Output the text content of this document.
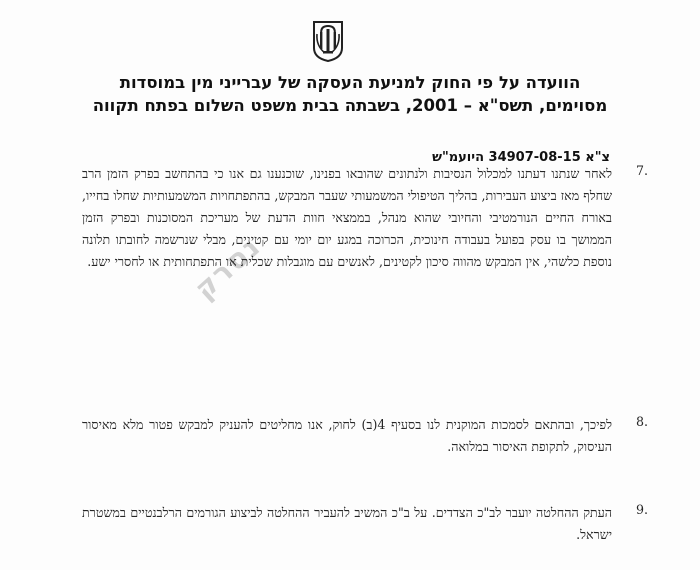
הוועדה על פי החוק למניעת העסקה של עברייני מין במוסדות
מסוימים, תשס"א – 2001, בשבתה בבית משפט השלום בפתח תקווה
צ"א 34907-08-15 היועמ"ש
נסרק
7.
לאחר שנתנו דעתנו למכלול הנסיבות ולנתונים שהובאו בפנינו, שוכנענו גם אנו כי בהתחשב בפרק הזמן הרב שחלף מאז ביצוע העבירות, בהליך הטיפולי המשמעותי שעבר המבקש, בהתפתחויות המשמעותיות שחלו בחייו, באורח החיים הנורמטיבי והחיובי שהוא מנהל, בממצאי חוות הדעת של מעריכת המסוכנות ובפרק הזמן הממושך בו עסק בפועל בעבודה חינוכית, הכרוכה במגע יום יומי עם קטינים, מבלי שנרשמה לחובתו תלונה נוספת כלשהי, אין המבקש מהווה סיכון לקטינים, לאנשים עם מוגבלות שכלית או התפתחותית או לחסרי ישע.
8.
לפיכך, ובהתאם לסמכות המוקנית לנו בסעיף 4(ב) לחוק, אנו מחליטים להעניק למבקש פטור מלא מאיסור העיסוק, לתקופת האיסור במלואה.
9.
העתק ההחלטה יועבר לב"כ הצדדים. על ב"כ המשיב להעביר ההחלטה לביצוע הגורמים הרלבנטיים במשטרת ישראל.
